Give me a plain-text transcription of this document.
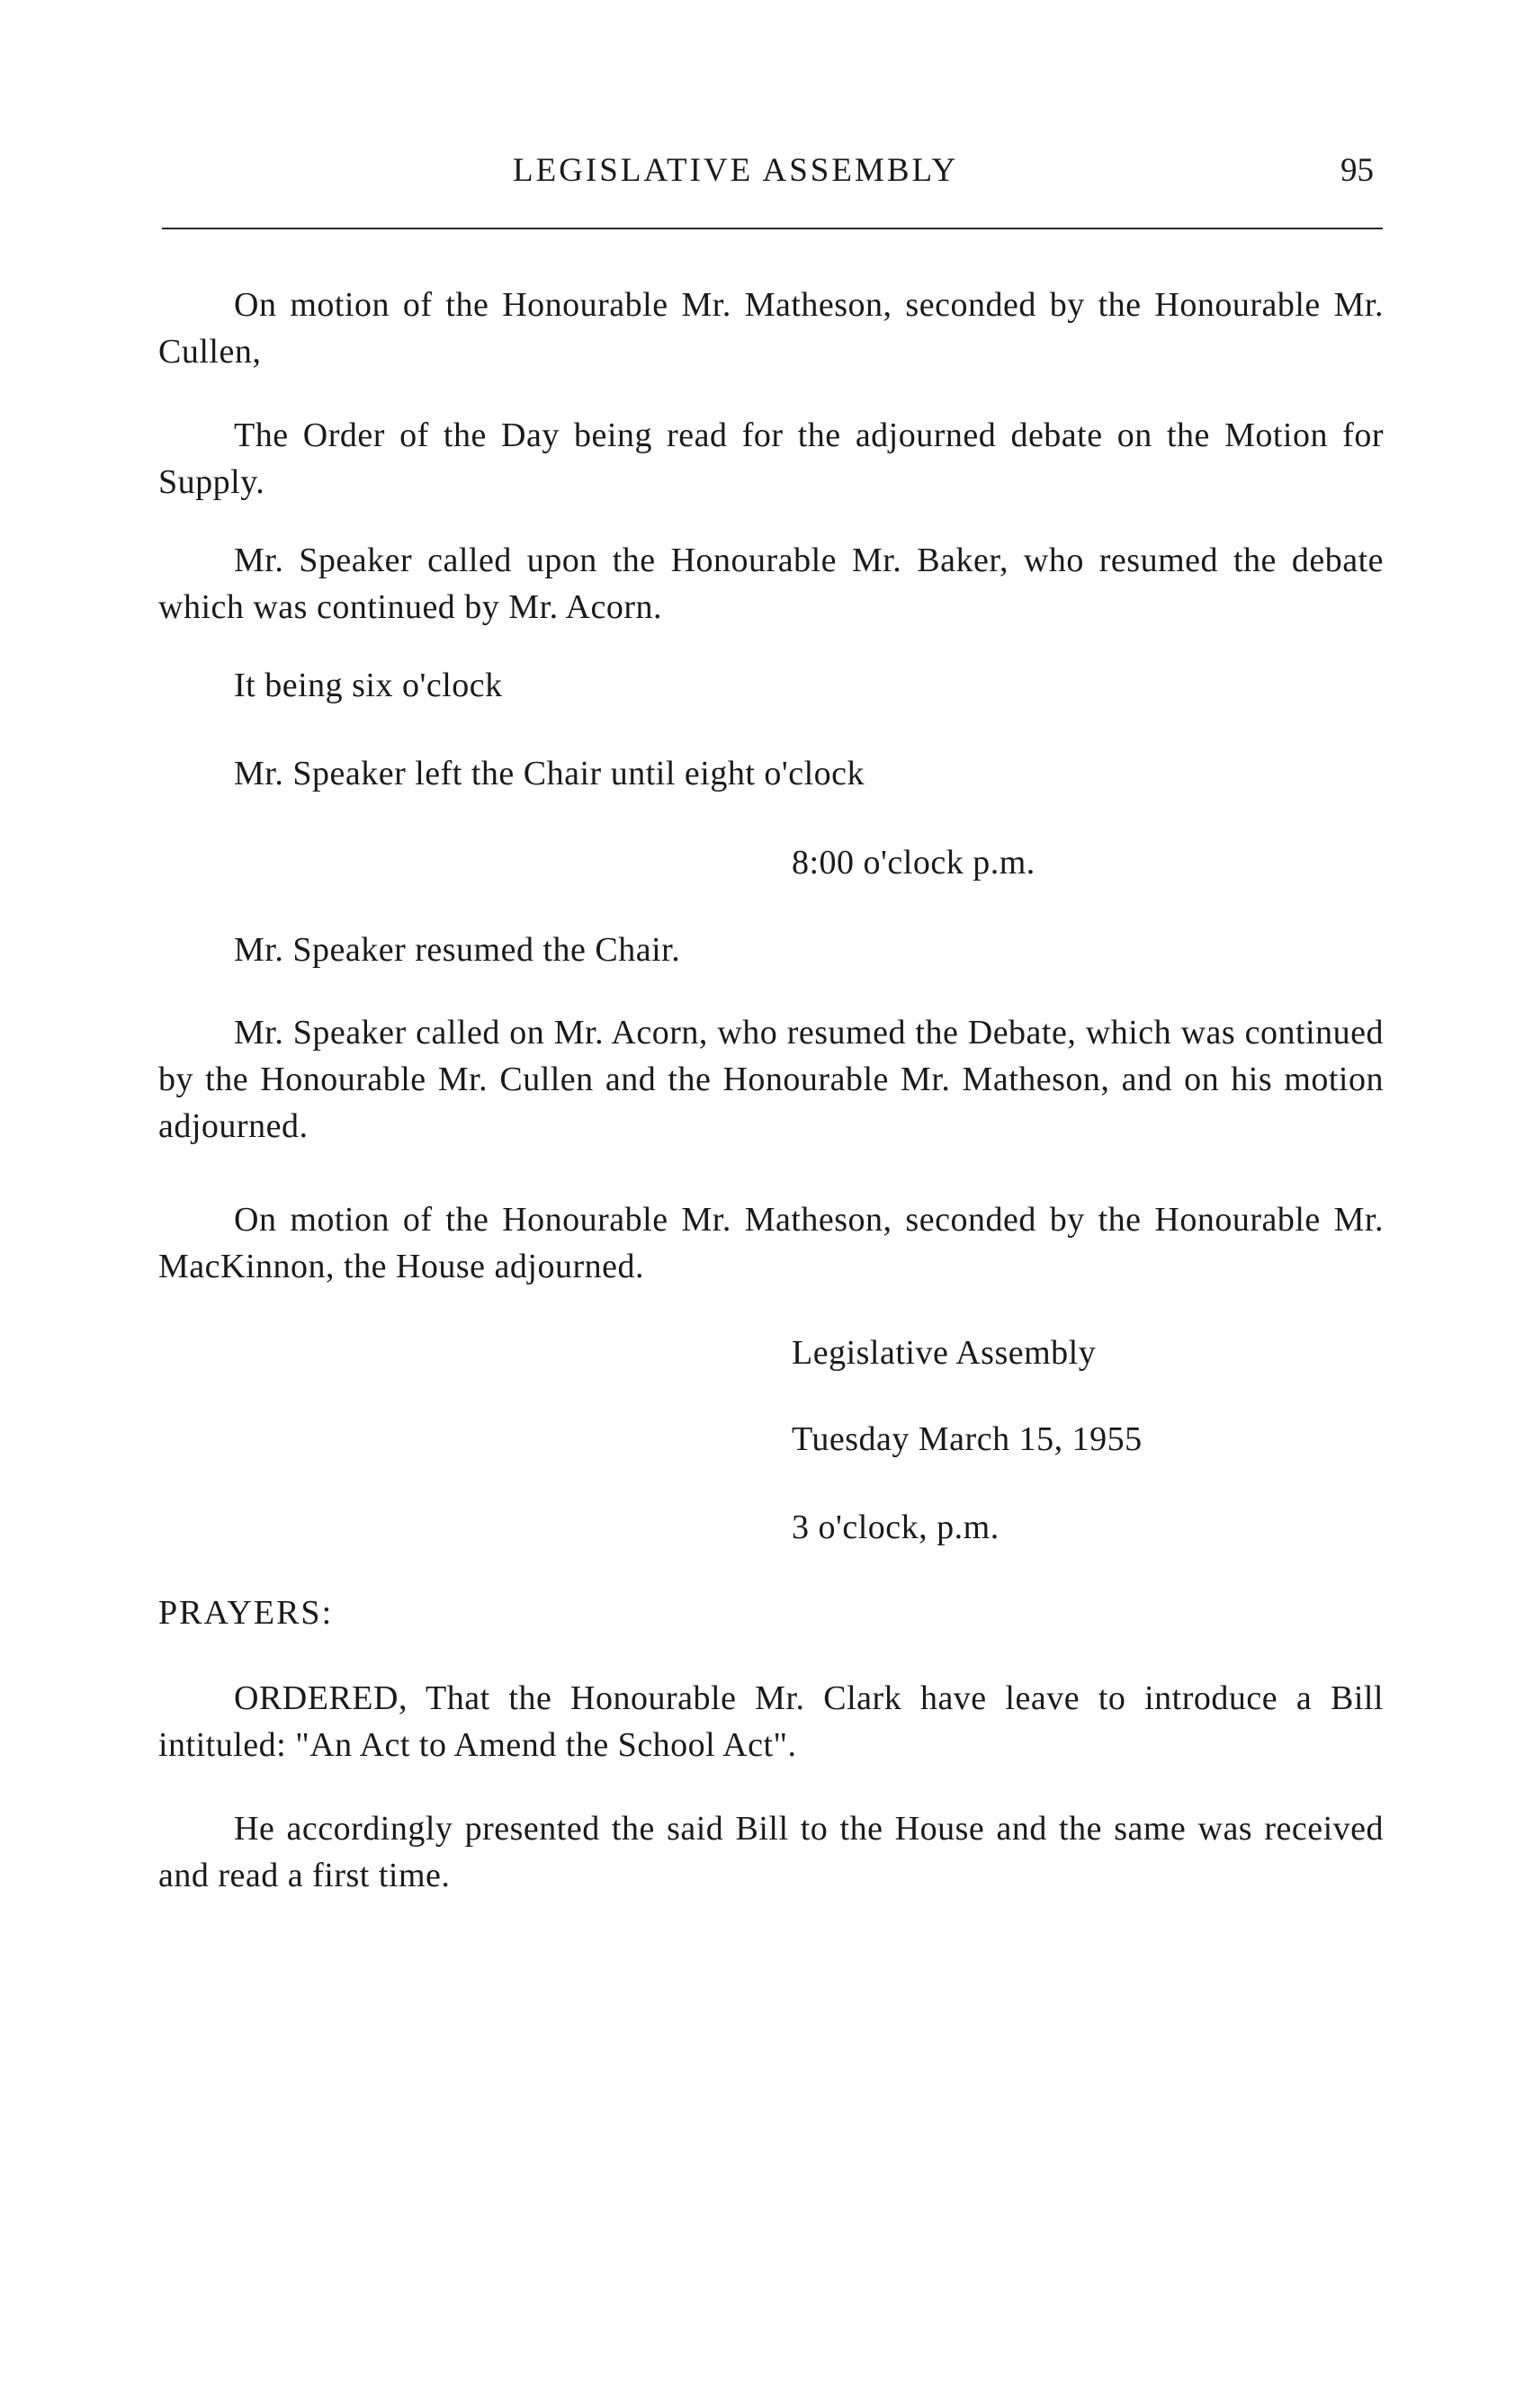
LEGISLATIVE ASSEMBLY	95

On motion of the Honourable Mr. Matheson, seconded by the Honourable Mr. Cullen,

The Order of the Day being read for the adjourned debate on the Motion for Supply.

Mr. Speaker called upon the Honourable Mr. Baker, who resumed the debate which was continued by Mr. Acorn.

It being six o'clock

Mr. Speaker left the Chair until eight o'clock

8:00 o'clock p.m.

Mr. Speaker resumed the Chair.

Mr. Speaker called on Mr. Acorn, who resumed the Debate, which was continued by the Honourable Mr. Cullen and the Honourable Mr. Matheson, and on his motion adjourned.

On motion of the Honourable Mr. Matheson, seconded by the Honourable Mr. MacKinnon, the House adjourned.

Legislative Assembly

Tuesday March 15, 1955

3 o'clock, p.m.

PRAYERS:

ORDERED, That the Honourable Mr. Clark have leave to introduce a Bill intituled: "An Act to Amend the School Act".

He accordingly presented the said Bill to the House and the same was received and read a first time.
